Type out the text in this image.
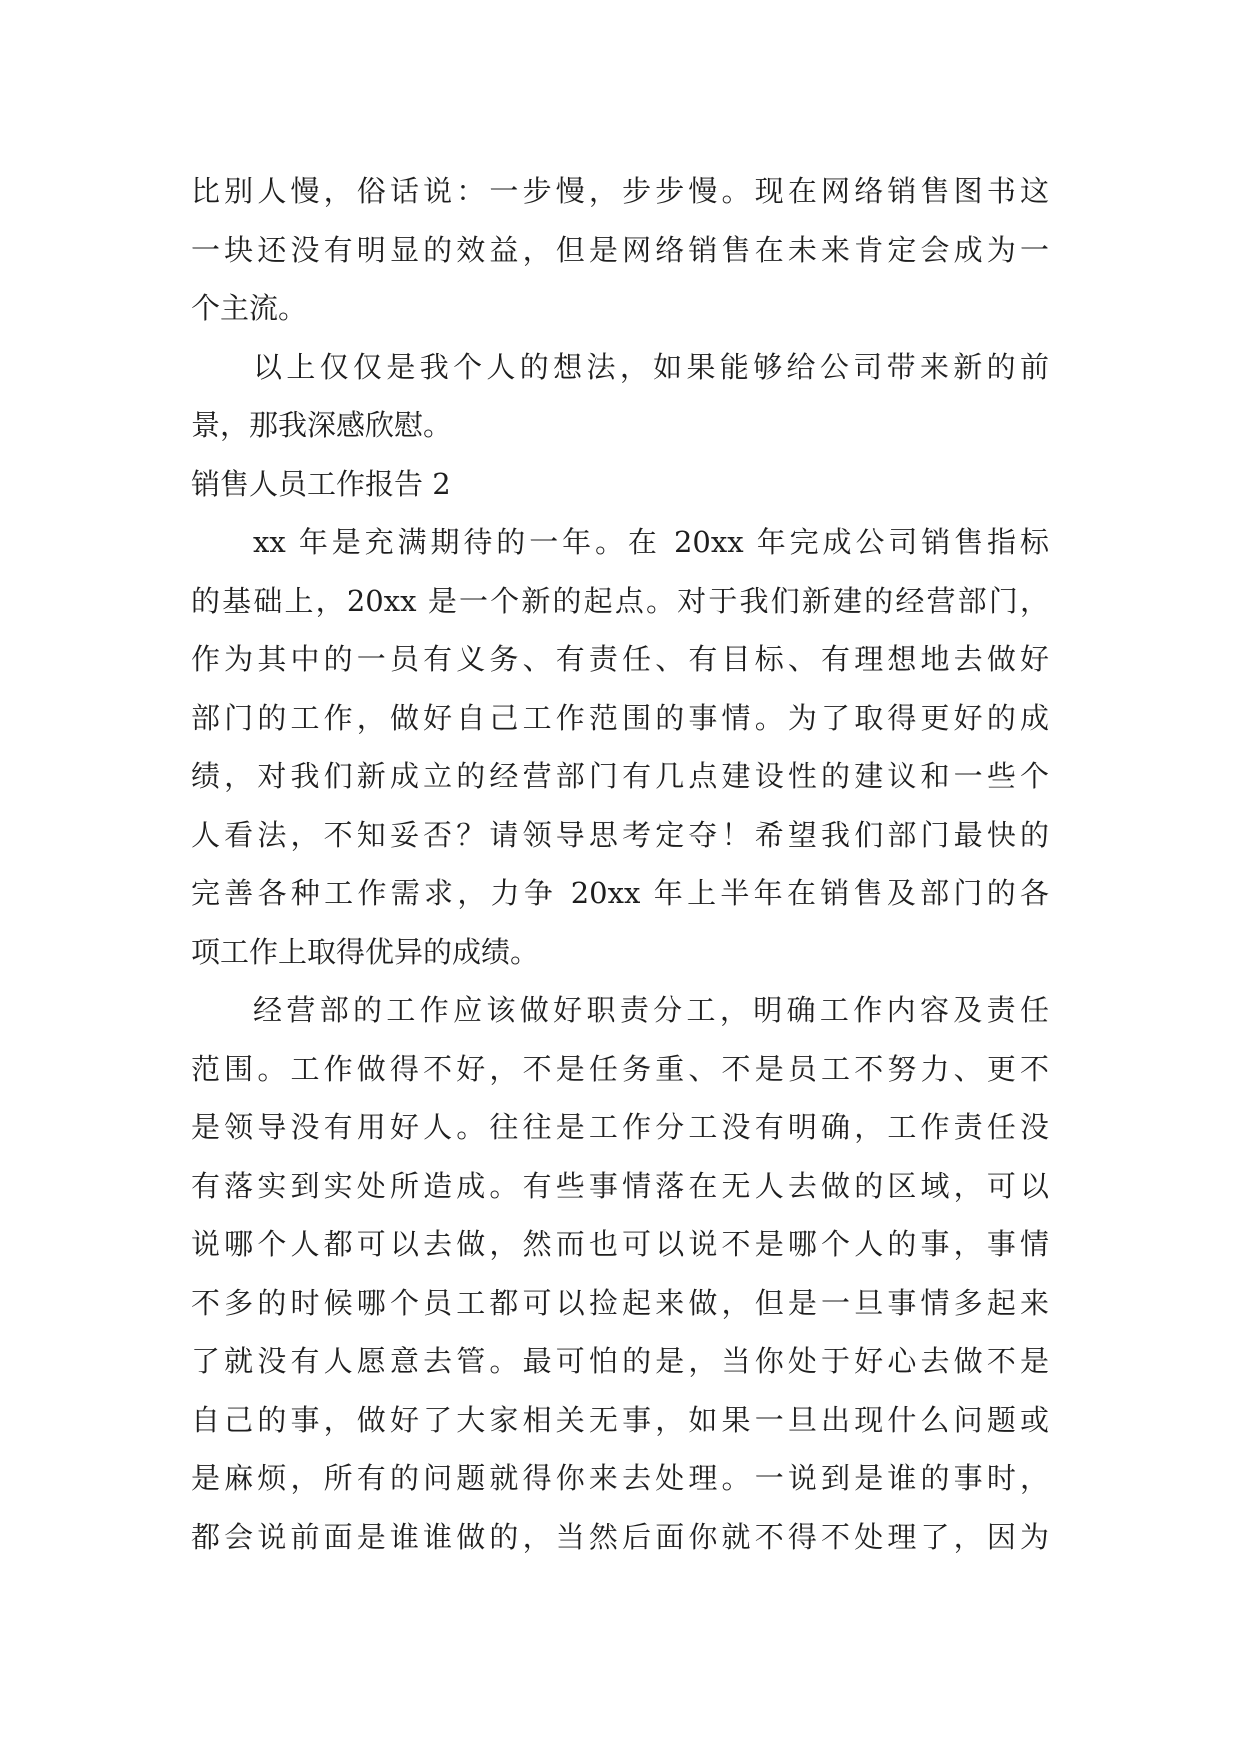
比别人慢，俗话说：一步慢，步步慢。现在网络销售图书这
一块还没有明显的效益，但是网络销售在未来肯定会成为一
个主流。
以上仅仅是我个人的想法，如果能够给公司带来新的前
景，那我深感欣慰。
销售人员工作报告 2
xx 年是充满期待的一年。在 20xx 年完成公司销售指标
的基础上，20xx 是一个新的起点。对于我们新建的经营部门，
作为其中的一员有义务、有责任、有目标、有理想地去做好
部门的工作，做好自己工作范围的事情。为了取得更好的成
绩，对我们新成立的经营部门有几点建设性的建议和一些个
人看法，不知妥否？请领导思考定夺！希望我们部门最快的
完善各种工作需求，力争 20xx 年上半年在销售及部门的各
项工作上取得优异的成绩。
经营部的工作应该做好职责分工，明确工作内容及责任
范围。工作做得不好，不是任务重、不是员工不努力、更不
是领导没有用好人。往往是工作分工没有明确，工作责任没
有落实到实处所造成。有些事情落在无人去做的区域，可以
说哪个人都可以去做，然而也可以说不是哪个人的事，事情
不多的时候哪个员工都可以捡起来做，但是一旦事情多起来
了就没有人愿意去管。最可怕的是，当你处于好心去做不是
自己的事，做好了大家相关无事，如果一旦出现什么问题或
是麻烦，所有的问题就得你来去处理。一说到是谁的事时，
都会说前面是谁谁做的，当然后面你就不得不处理了，因为
